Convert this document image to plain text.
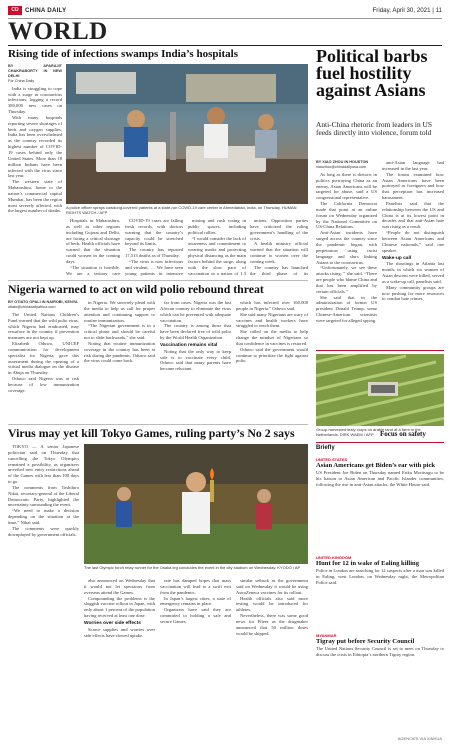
CD	CHINA DAILY	Friday, April 30, 2021 | 11
WORLD
Rising tide of infections swamps India’s hospitals
BY APARAJIT CHAKRABORTY IN NEW DELHI
For China Daily

India is struggling to cope with a surge in coronavirus infections, logging a record 380,000 new cases on Thursday.

With many hospitals reporting severe shortages of beds and oxygen supplies, India has been overwhelmed as the country recorded its highest number of COVID-19 cases behind only the United States. More than 18 million Indians have been infected with the virus since last year.

The western state of Maharashtra, home to the nation’s commercial capital Mumbai, has been the region most severely affected, with the largest number of deaths.

A police officer sprays cowdung-covered patients at a state-run COVID-19 care center in Ahmedabad, India, on Thursday. HUMAN RIGHTS WATCH / AFP

Hospitals in Maharashtra, as well as other regions including Gujarat and Delhi, are facing a critical shortage of beds. Health officials have warned that the situation could worsen in the coming days.

“The situation is horrible. We are a tertiary care

COVID-19 cases are falling fresh records, with doctors warning that the country’s capacity could be stretched beyond its limits.

The country has reported 17,313 deaths as of Thursday.

“The virus is now infectious and virulent. … We have seen young patients in intensive

mixing and rush voting in public spaces, including political rallies.

“I would consider the lack of awareness and commitment to wearing masks and protecting physical distancing as the main factors behind the surge, along with the slow pace of vaccination in a nation of 1.3

unions. Opposition parties have criticized the ruling government’s handling of the crisis.

A health ministry official warned that the situation will continue to worsen over the coming week.

The country has launched the third phase of its

Political barbs fuel hostility against Asians
Anti-China rhetoric from leaders in US feeds directly into violence, forum told
BY XIAO ZHOU IN HOUSTON
xiaozhou@chinadailyusa.com

As long as there is rhetoric in politics portraying China as an enemy, Asian Americans will be targeted for abuse, said a US congressional representative.

The California Democrat made that point at an online forum on Wednesday organized by the National Committee on US-China Relations.

Anti-Asian incidents have surged across the country since the pandemic began, with perpetrators using racist language and slurs linking Asians to the coronavirus.

“Unfortunately, we see these attacks rising, ” she said. “There are people who blame China and that has been amplified by certain officials.”

She said that in the administration of former US president Donald Trump, some Chinese-American scientists were targeted for alleged spying.

anti-Asian language had increased in the last year.

The forum examined how Asian Americans have been portrayed as foreigners and how that perception has increased harassment.

Panelists said that the relationship between the US and China is at its lowest point in decades and that anti-Asian hate was rising as a result.

“People do not distinguish between Asian Americans and Chinese nationals,” said one speaker.

Wake-up call

The shootings in Atlanta last month, in which six women of Asian descent were killed, served as a wake-up call, panelists said.

Many community groups are now pushing for more resources to combat hate crimes.

Nigeria warned to act on wild polio rebound threat
BY OTIATO OPALI IN NAIROBI, KENYA
otiato@chinadailyafrica.com

The United Nations Children’s Fund warned that the wild polio virus, which Nigeria had eradicated, may resurface in the country if prevention measures are not kept up.

Elizabeth Oduwo, UNICEF communication for development specialist for Nigeria, gave this assessment during the opening of a virtual media dialogue on the disease in Abuja on Thursday.

Oduwo said Nigeria was at risk because of low immunization coverage.

in Nigeria. We sincerely plead with the media to help us call for proper attention and continuing support to routine immunization.

“The Nigerian government is in a critical phase and should be careful not to slide backwards,” she said.

Noting that routine immunization coverage in the country has been at risk during the pandemic, Oduwo said the virus could come back.

far from cases. Nigeria was the last African country to eliminate the virus which can be prevented with adequate vaccination.

The country is among those that have been declared free of wild polio by the World Health Organization.

Vaccination remains vital

Noting that the only way to keep safe is to vaccinate every child, Oduwo said that many parents have become reluctant.

which has infected over 160,000 people in Nigeria,” Oduwo said.

She said many Nigerians are wary of vaccines and health workers have struggled to reach them.

She called on the media to help change the mindset of Nigerians so that confidence in vaccines is restored.

Oduwo said the government would continue to prioritize the fight against polio.

Group-harvested leafy crops on arable land at a farm in the Netherlands. DIRK WAEM / AFP Focus on safety
Virus may yet kill Tokyo Games, ruling party’s No 2 says

TOKYO — A senior Japanese politician said on Thursday that cancelling the Tokyo Olympics remained a possibility, as organizers unveiled new entry restrictions ahead of the Games with less than 100 days to go.

The comments from Toshihiro Nikai, secretary-general of the Liberal Democratic Party, highlighted the uncertainty surrounding the event.

“We need to make a decision depending on the situation at the time,” Nikai said.

The comments were quickly downplayed by government officials.

The last Olympic torch relay runner for the Osaka leg concludes the event in the city stadium on Wednesday. KYODO / AP

also announced on Wednesday that it would not let spectators from overseas attend the Games.

Compounding the problems is the sluggish vaccine rollout in Japan, with only about 1 percent of the population having received at least one dose.

Worries over side effects

Scarce supplies and worries over side effects have slowed uptake.

rate has damped hopes that mass vaccination will lead to a swift exit from the pandemic.

In Japan’s largest cities, a state of emergency remains in place.

Organizers have said they are committed to holding a safe and secure Games.

similar setback as the government said on Wednesday it would be using AstraZeneca vaccines for its rollout.

Health officials also said more testing would be introduced for athletes.

Nevertheless, there was some good news for Pfizer as the drugmaker announced that 50 million doses would be shipped.

Briefly
UNITED STATES
Asian Americans get Biden’s ear with pick
US President Joe Biden on Thursday named Erika Moritsugu to be his liaison to Asian American and Pacific Islander communities, following the rise in anti-Asian attacks, the White House said.
UNITED KINGDOM
Hunt for 12 in wake of Ealing killing
Police in London are searching for 12 suspects after a man was killed in Ealing, west London, on Wednesday night, the Metropolitan Police said.
MYANMAR
Tigray put before Security Council
The United Nations Security Council is set to meet on Thursday to discuss the crisis in Ethiopia’s northern Tigray region.
AGENCIES VIA XINHUA
